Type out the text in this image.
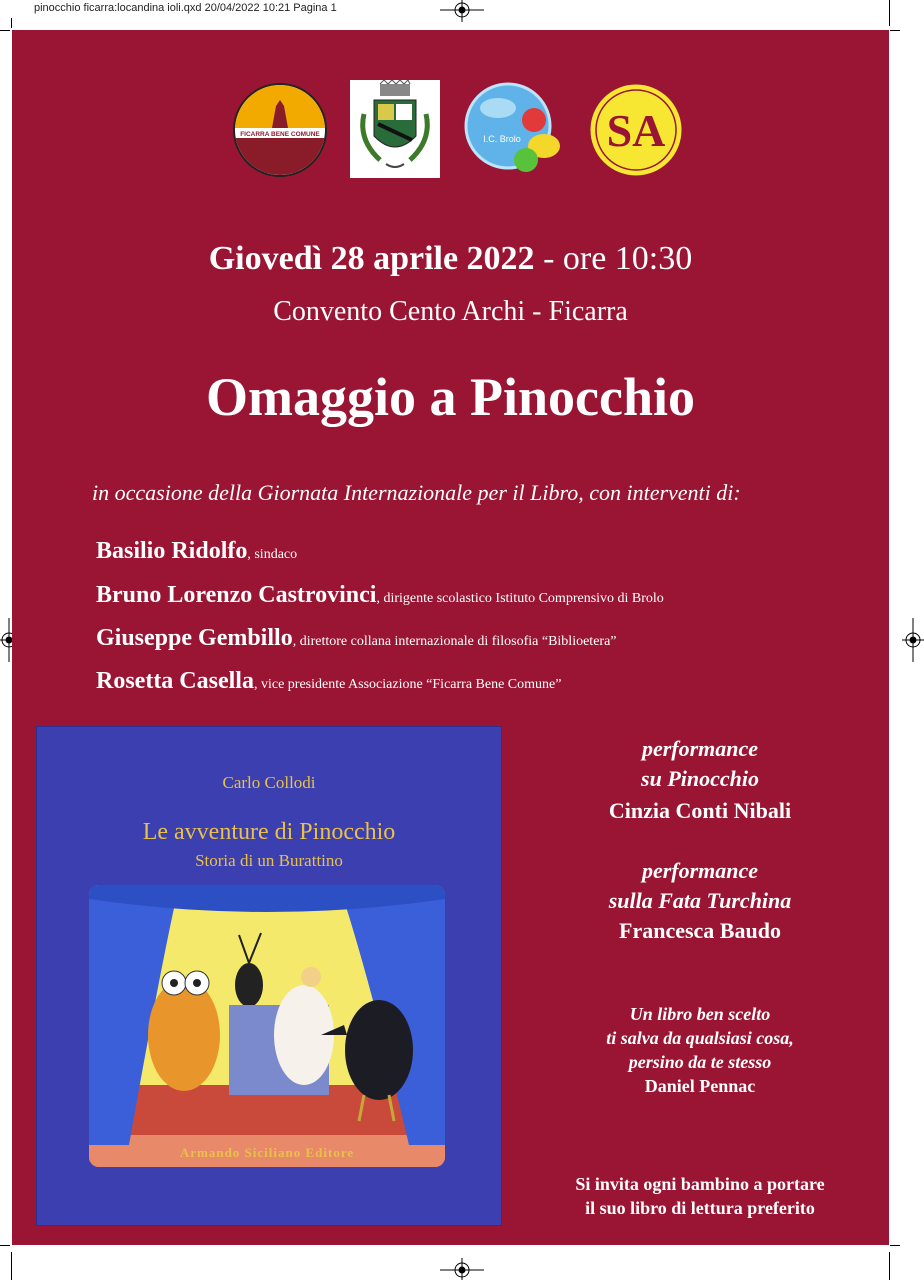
pinocchio ficarra:locandina ioli.qxd 20/04/2022 10:21 Pagina 1
FICARRA BENE COMUNE	I.C. Brolo SA
Giovedì 28 aprile 2022 - ore 10:30
Convento Cento Archi - Ficarra
Omaggio a Pinocchio
in occasione della Giornata Internazionale per il Libro, con interventi di:
Basilio Ridolfo, sindaco
Bruno Lorenzo Castrovinci, dirigente scolastico Istituto Comprensivo di Brolo
Giuseppe Gembillo, direttore collana internazionale di filosofia “Biblioetera”
Rosetta Casella, vice presidente Associazione “Ficarra Bene Comune”
Carlo Collodi
Le avventure di Pinocchio
Storia di un Burattino
Armando Siciliano Editore
performance
su Pinocchio
Cinzia Conti Nibali
performance
sulla Fata Turchina
Francesca Baudo
Un libro ben scelto
ti salva da qualsiasi cosa,
persino da te stesso
Daniel Pennac
Si invita ogni bambino a portare
il suo libro di lettura preferito
